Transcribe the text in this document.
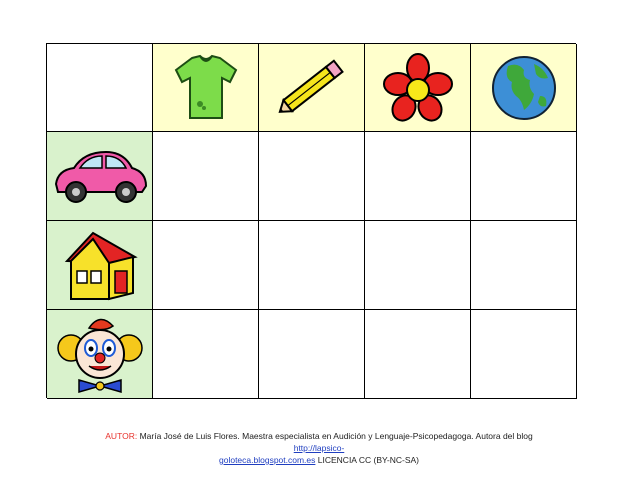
AUTOR: María José de Luis Flores. Maestra especialista en Audición y Lenguaje-Psicopedagoga. Autora del blog http://lapsico-
goloteca.blogspot.com.es LICENCIA CC (BY-NC-SA)
